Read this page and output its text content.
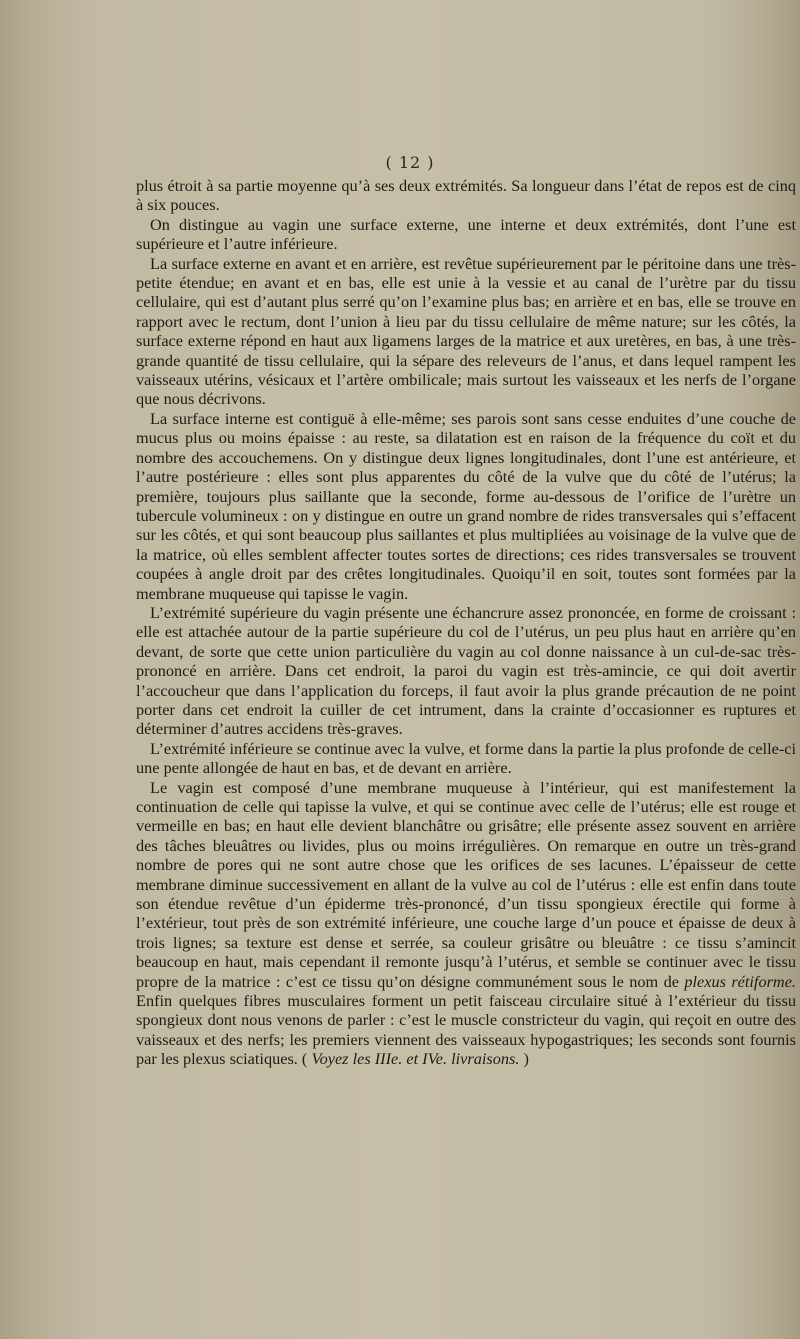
( 12 )

plus étroit à sa partie moyenne qu’à ses deux extrémités. Sa longueur dans l’état de repos est de cinq à six pouces.

On distingue au vagin une surface externe, une interne et deux extrémités, dont l’une est supérieure et l’autre inférieure.

La surface externe en avant et en arrière, est revêtue supérieurement par le péritoine dans une très-petite étendue; en avant et en bas, elle est unie à la vessie et au canal de l’urètre par du tissu cellulaire, qui est d’autant plus serré qu’on l’examine plus bas; en arrière et en bas, elle se trouve en rapport avec le rectum, dont l’union à lieu par du tissu cellulaire de même nature; sur les côtés, la surface externe répond en haut aux ligamens larges de la matrice et aux uretères, en bas, à une très-grande quantité de tissu cellulaire, qui la sépare des releveurs de l’anus, et dans lequel rampent les vaisseaux utérins, vésicaux et l’artère ombilicale; mais surtout les vaisseaux et les nerfs de l’organe que nous décrivons.

La surface interne est contiguë à elle-même; ses parois sont sans cesse enduites d’une couche de mucus plus ou moins épaisse : au reste, sa dilatation est en raison de la fréquence du coït et du nombre des accouchemens. On y distingue deux lignes longitudinales, dont l’une est antérieure, et l’autre postérieure : elles sont plus apparentes du côté de la vulve que du côté de l’utérus; la première, toujours plus saillante que la seconde, forme au-dessous de l’orifice de l’urètre un tubercule volumineux : on y distingue en outre un grand nombre de rides transversales qui s’effacent sur les côtés, et qui sont beaucoup plus saillantes et plus multipliées au voisinage de la vulve que de la matrice, où elles semblent affecter toutes sortes de directions; ces rides transversales se trouvent coupées à angle droit par des crêtes longitudinales. Quoiqu’il en soit, toutes sont formées par la membrane muqueuse qui tapisse le vagin.

L’extrémité supérieure du vagin présente une échancrure assez prononcée, en forme de croissant : elle est attachée autour de la partie supérieure du col de l’utérus, un peu plus haut en arrière qu’en devant, de sorte que cette union particulière du vagin au col donne naissance à un cul-de-sac très-prononcé en arrière. Dans cet endroit, la paroi du vagin est très-amincie, ce qui doit avertir l’accoucheur que dans l’application du forceps, il faut avoir la plus grande précaution de ne point porter dans cet endroit la cuiller de cet intrument, dans la crainte d’occasionner es ruptures et déterminer d’autres accidens très-graves.

L’extrémité inférieure se continue avec la vulve, et forme dans la partie la plus profonde de celle-ci une pente allongée de haut en bas, et de devant en arrière.

Le vagin est composé d’une membrane muqueuse à l’intérieur, qui est manifestement la continuation de celle qui tapisse la vulve, et qui se continue avec celle de l’utérus; elle est rouge et vermeille en bas; en haut elle devient blanchâtre ou grisâtre; elle présente assez souvent en arrière des tâches bleuâtres ou livides, plus ou moins irrégulières. On remarque en outre un très-grand nombre de pores qui ne sont autre chose que les orifices de ses lacunes. L’épaisseur de cette membrane diminue successivement en allant de la vulve au col de l’utérus : elle est enfin dans toute son étendue revêtue d’un épiderme très-prononcé, d’un tissu spongieux érectile qui forme à l’extérieur, tout près de son extrémité inférieure, une couche large d’un pouce et épaisse de deux à trois lignes; sa texture est dense et serrée, sa couleur grisâtre ou bleuâtre : ce tissu s’amincit beaucoup en haut, mais cependant il remonte jusqu’à l’utérus, et semble se continuer avec le tissu propre de la matrice : c’est ce tissu qu’on désigne communément sous le nom de plexus rétiforme. Enfin quelques fibres musculaires forment un petit faisceau circulaire situé à l’extérieur du tissu spongieux dont nous venons de parler : c’est le muscle constricteur du vagin, qui reçoit en outre des vaisseaux et des nerfs; les premiers viennent des vaisseaux hypogastriques; les seconds sont fournis par les plexus sciatiques. ( Voyez les IIIe. et IVe. livraisons. )
